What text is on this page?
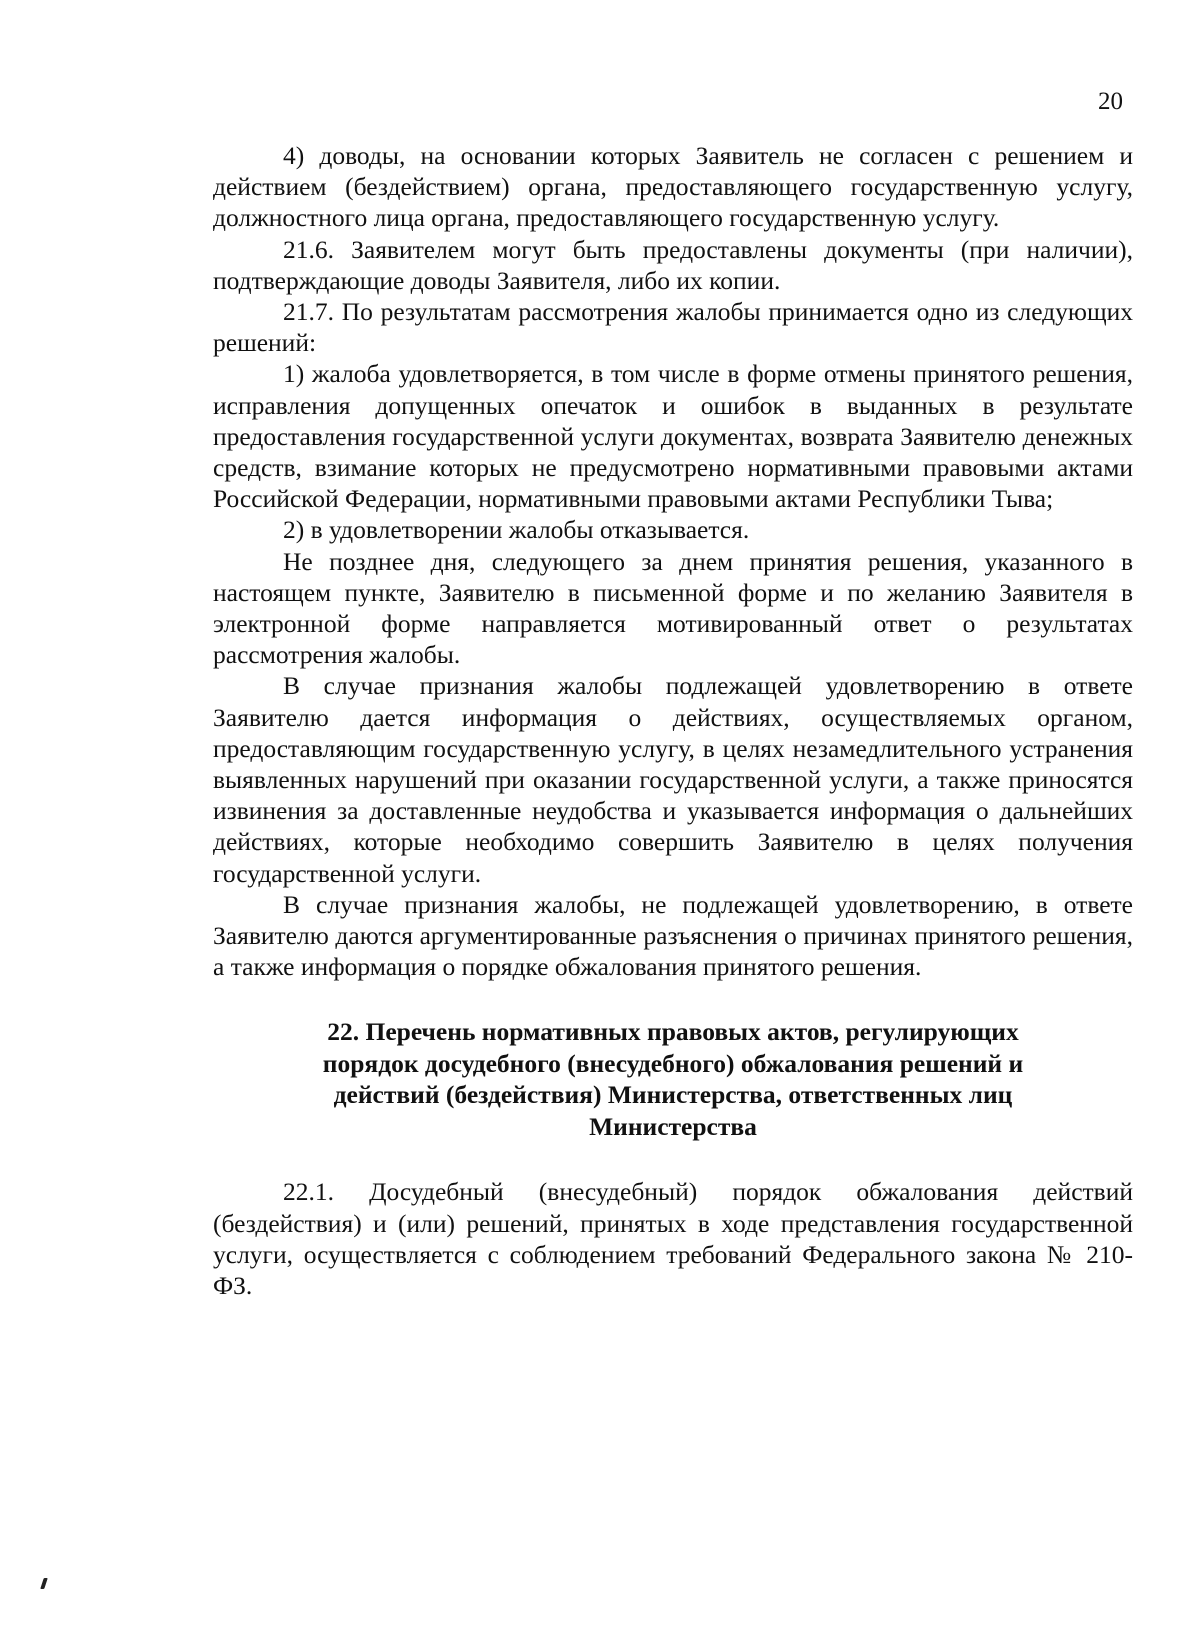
20

4) доводы, на основании которых Заявитель не согласен с решением и действием (бездействием) органа, предоставляющего государственную услугу, должностного лица органа, предоставляющего государственную услугу.

21.6. Заявителем могут быть предоставлены документы (при наличии), подтверждающие доводы Заявителя, либо их копии.

21.7. По результатам рассмотрения жалобы принимается одно из следующих решений:

1) жалоба удовлетворяется, в том числе в форме отмены принятого решения, исправления допущенных опечаток и ошибок в выданных в результате предоставления государственной услуги документах, возврата Заявителю денежных средств, взимание которых не предусмотрено нормативными правовыми актами Российской Федерации, нормативными правовыми актами Республики Тыва;

2) в удовлетворении жалобы отказывается.

Не позднее дня, следующего за днем принятия решения, указанного в настоящем пункте, Заявителю в письменной форме и по желанию Заявителя в электронной форме направляется мотивированный ответ о результатах рассмотрения жалобы.

В случае признания жалобы подлежащей удовлетворению в ответе Заявителю дается информация о действиях, осуществляемых органом, предоставляющим государственную услугу, в целях незамедлительного устранения выявленных нарушений при оказании государственной услуги, а также приносятся извинения за доставленные неудобства и указывается информация о дальнейших действиях, которые необходимо совершить Заявителю в целях получения государственной услуги.

В случае признания жалобы, не подлежащей удовлетворению, в ответе Заявителю даются аргументированные разъяснения о причинах принятого решения, а также информация о порядке обжалования принятого решения.

22. Перечень нормативных правовых актов, регулирующих порядок досудебного (внесудебного) обжалования решений и действий (бездействия) Министерства, ответственных лиц Министерства

22.1. Досудебный (внесудебный) порядок обжалования действий (бездействия) и (или) решений, принятых в ходе представления государственной услуги, осуществляется с соблюдением требований Федерального закона № 210-ФЗ.
